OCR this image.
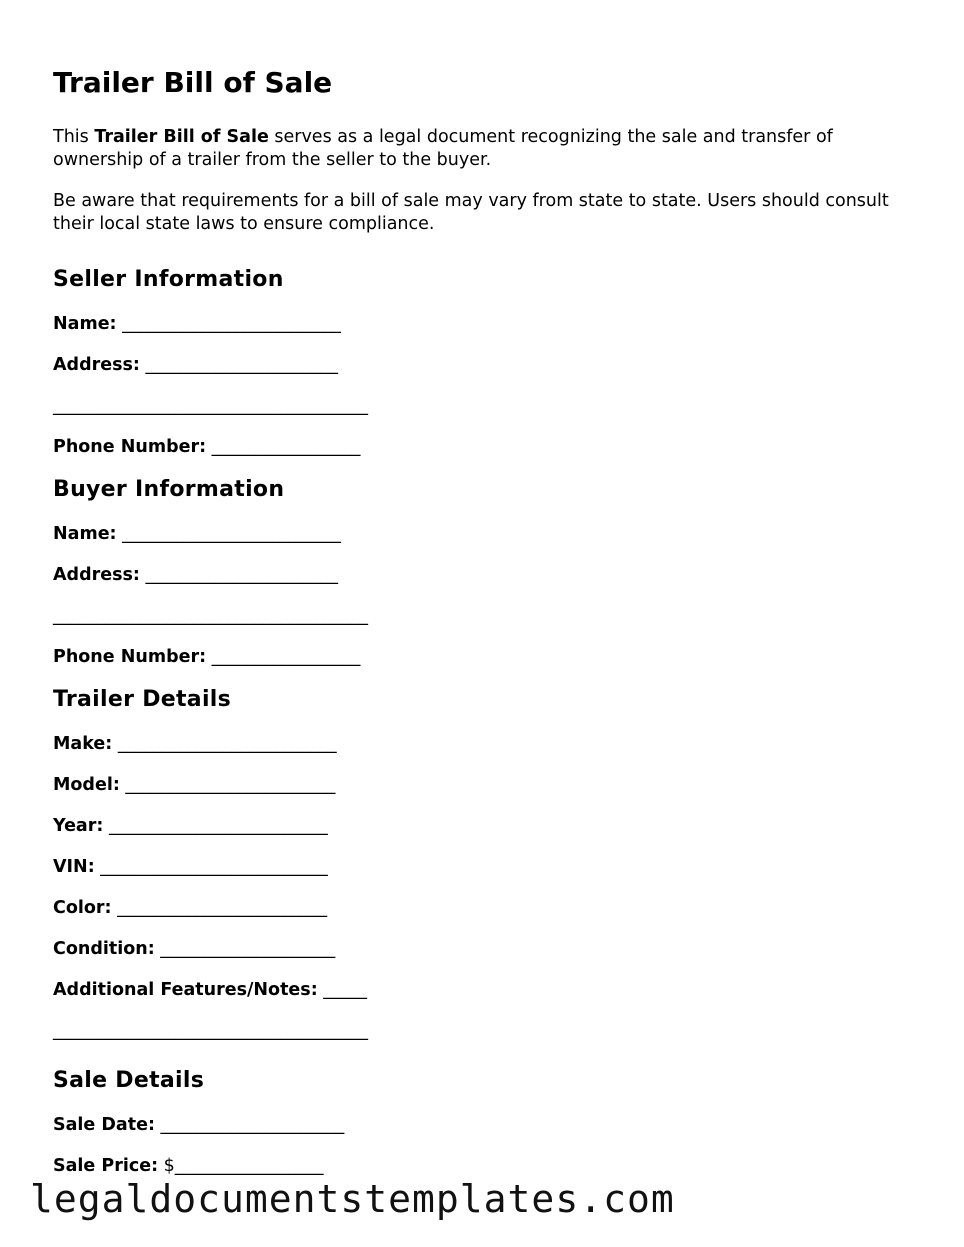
Trailer Bill of Sale

This Trailer Bill of Sale serves as a legal document recognizing the sale and transfer of ownership of a trailer from the seller to the buyer.

Be aware that requirements for a bill of sale may vary from state to state. Users should consult their local state laws to ensure compliance.

Seller Information
Name: _________________________
Address: ______________________
____________________________________
Phone Number: _________________
Buyer Information
Name: _________________________
Address: ______________________
____________________________________
Phone Number: _________________
Trailer Details
Make: _________________________
Model: ________________________
Year: _________________________
VIN: __________________________
Color: ________________________
Condition: ____________________
Additional Features/Notes: _____
____________________________________
Sale Details
Sale Date: _____________________
Sale Price: $_________________
legaldocumentstemplates.com
